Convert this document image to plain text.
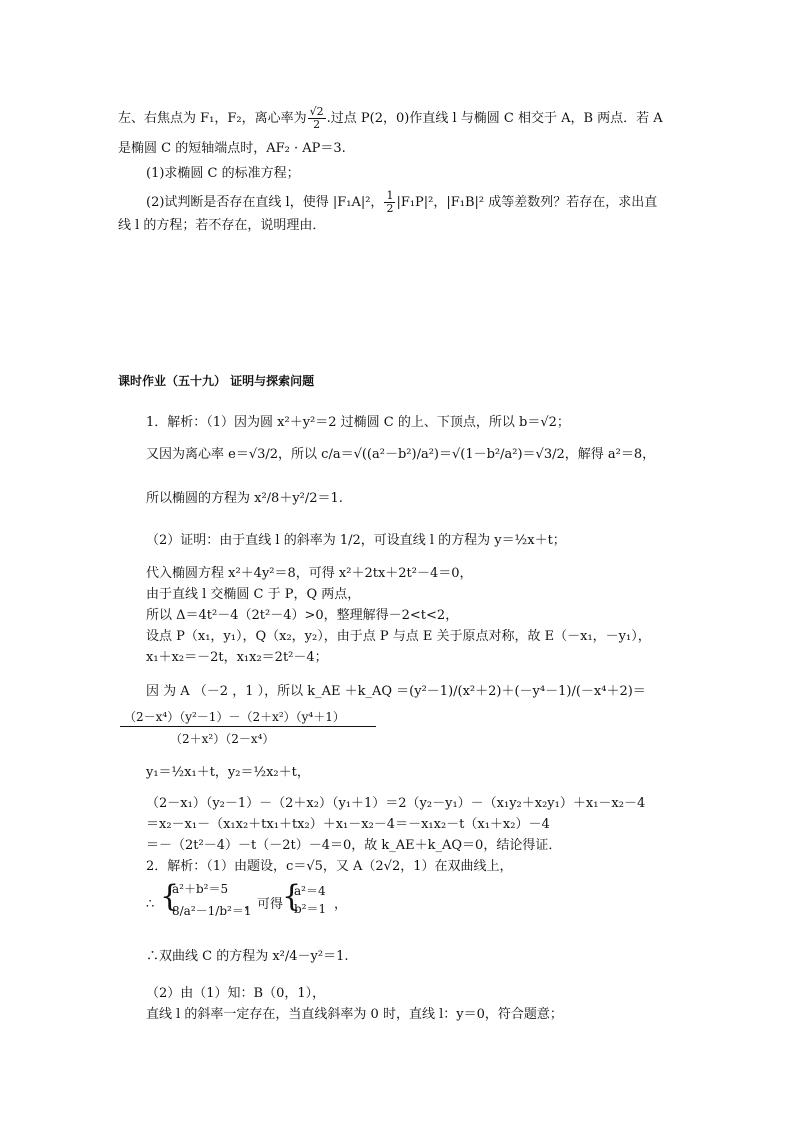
左、右焦点为 F₁，F₂，离心率为 $\frac{√2}{2}$ .过点 P(2，0)作直线 l 与椭圆 C 相交于 A，B 两点．若 A
是椭圆 C 的短轴端点时，AF₂ · AP＝3.
(1)求椭圆 C 的标准方程；
(2)试判断是否存在直线 l，使得 |F₁A|²， $\frac{1}{2} |F_1P|^2$，|F₁B|² 成等差数列？若存在，求出直
线 l 的方程；若不存在，说明理由．
课时作业（五十九） 证明与探索问题
1．解析：（1）因为圆 x²＋y²＝2 过椭圆 C 的上、下顶点，所以 b＝√2；
又因为离心率 e＝√3/2，所以 c/a＝√((a²－b²)/a²)＝√(1－b²/a²)＝√3/2，解得 a²＝8，
所以椭圆的方程为 x²/8＋y²/2＝1.
（2）证明：由于直线 l 的斜率为 1/2，可设直线 l 的方程为 y＝½x＋t；
代入椭圆方程 x²＋4y²＝8，可得 x²＋2tx＋2t²－4＝0，
由于直线 l 交椭圆 C 于 P，Q 两点，
所以 Δ＝4t²－4（2t²－4）>0，整理解得－2<t<2，
设点 P（x₁，y₁），Q（x₂，y₂），由于点 P 与点 E 关于原点对称，故 E（－x₁，－y₁），
x₁＋x₂＝－2t，x₁x₂＝2t²－4；
因 为 A （－2 ，1 ），所以 k_AE ＋k_AQ ＝(y²－1)/(x²＋2)＋(－y⁴－1)/(－x⁴＋2)＝
（2－x⁴）（y²－1）－（2＋x²）（y⁴＋1）
（2＋x²）（2－x⁴）
y₁＝½x₁＋t，y₂＝½x₂＋t，
（2－x₁）（y₂－1）－（2＋x₂）（y₁＋1）＝2（y₂－y₁）－（x₁y₂＋x₂y₁）＋x₁－x₂－4
＝x₂－x₁－（x₁x₂＋tx₁＋tx₂）＋x₁－x₂－4＝－x₁x₂－t（x₁＋x₂）－4
＝－（2t²－4）－t（－2t）－4＝0，故 k_AE＋k_AQ＝0，结论得证．
2．解析：（1）由题设，c＝√5，又 A（2√2，1）在双曲线上，
∴ {
a²＋b²＝5
8/a²－1/b²＝1
，可得
{
a²＝4
b²＝1 ，
∴双曲线 C 的方程为 x²/4－y²＝1.
（2）由（1）知：B（0，1），
直线 l 的斜率一定存在，当直线斜率为 0 时，直线 l：y＝0，符合题意；
